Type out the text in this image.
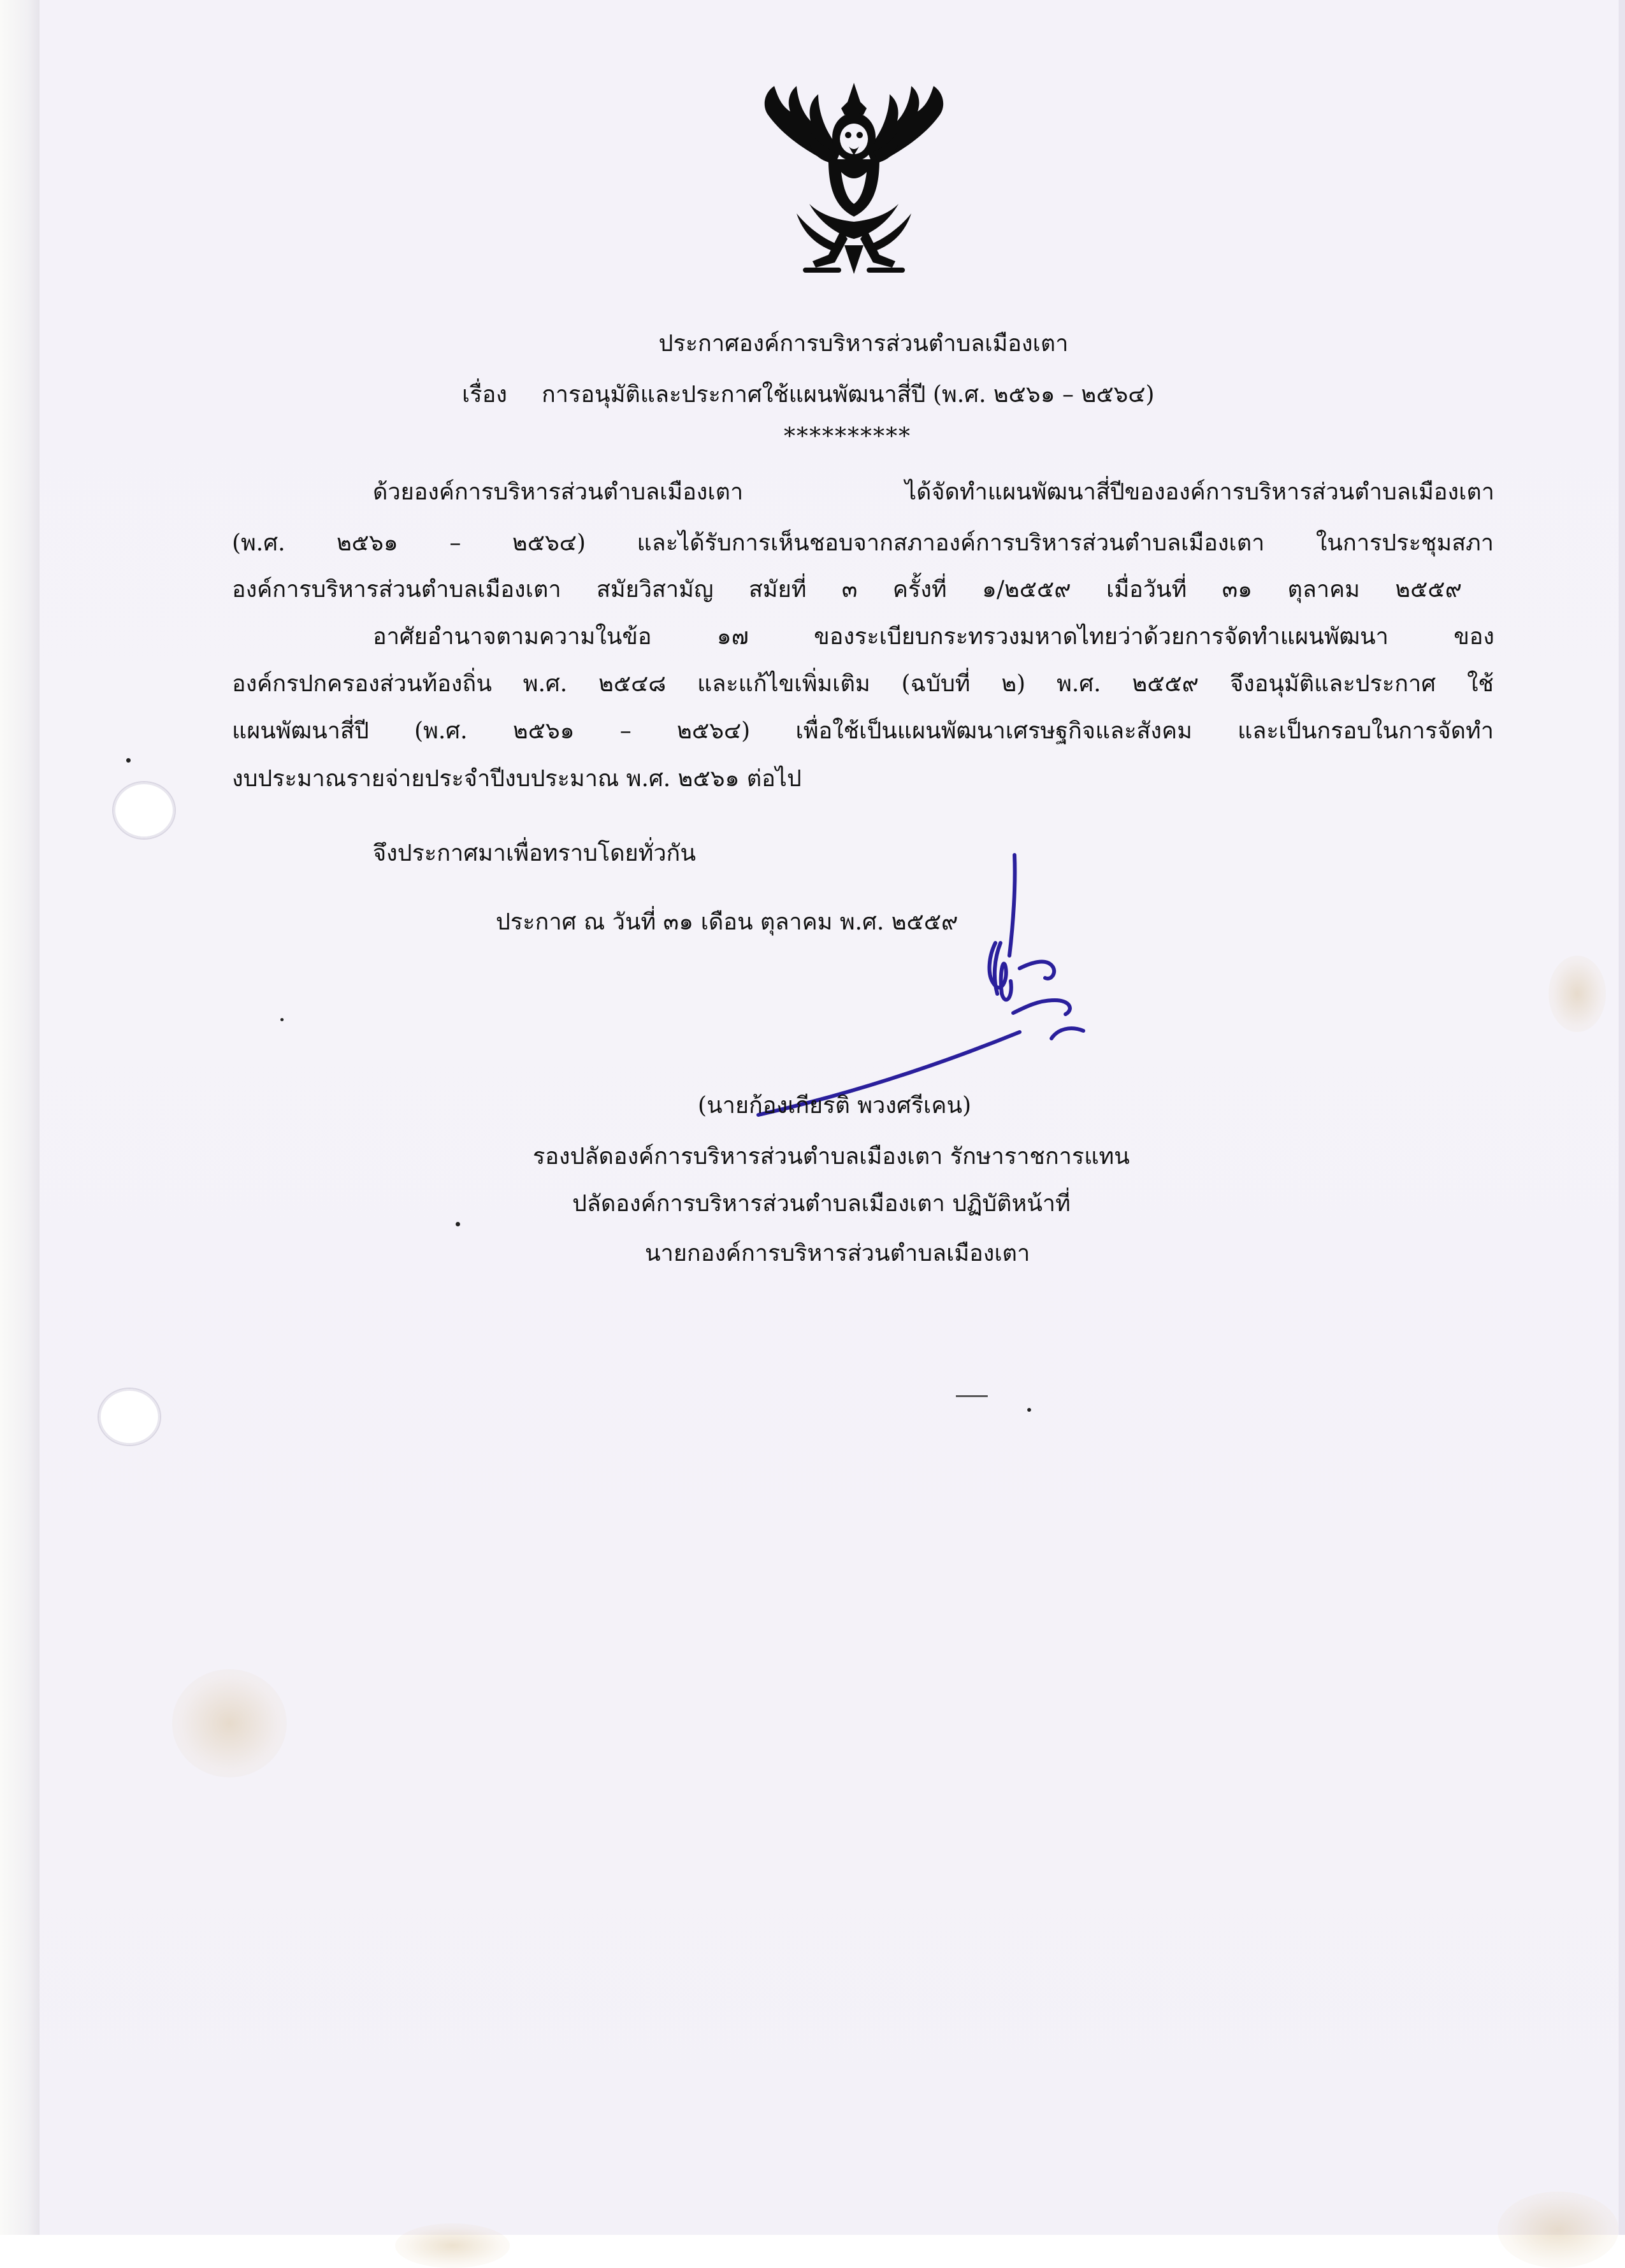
ประกาศองค์การบริหารส่วนตำบลเมืองเตา
เรื่อง การอนุมัติและประกาศใช้แผนพัฒนาสี่ปี (พ.ศ. ๒๕๖๑ – ๒๕๖๔)
**********
ด้วยองค์การบริหารส่วนตำบลเมืองเตา ได้จัดทำแผนพัฒนาสี่ปีขององค์การบริหารส่วนตำบลเมืองเตา
(พ.ศ. ๒๕๖๑ – ๒๕๖๔) และได้รับการเห็นชอบจากสภาองค์การบริหารส่วนตำบลเมืองเตา ในการประชุมสภา
องค์การบริหารส่วนตำบลเมืองเตา สมัยวิสามัญ สมัยที่ ๓ ครั้งที่ ๑/๒๕๕๙ เมื่อวันที่ ๓๑ ตุลาคม ๒๕๕๙
อาศัยอำนาจตามความในข้อ ๑๗ ของระเบียบกระทรวงมหาดไทยว่าด้วยการจัดทำแผนพัฒนา ของ
องค์กรปกครองส่วนท้องถิ่น พ.ศ. ๒๕๔๘ และแก้ไขเพิ่มเติม (ฉบับที่ ๒) พ.ศ. ๒๕๕๙ จึงอนุมัติและประกาศ ใช้
แผนพัฒนาสี่ปี (พ.ศ. ๒๕๖๑ – ๒๕๖๔) เพื่อใช้เป็นแผนพัฒนาเศรษฐกิจและสังคม และเป็นกรอบในการจัดทำ
งบประมาณรายจ่ายประจำปีงบประมาณ พ.ศ. ๒๕๖๑ ต่อไป
จึงประกาศมาเพื่อทราบโดยทั่วกัน
ประกาศ ณ วันที่ ๓๑ เดือน ตุลาคม พ.ศ. ๒๕๕๙
(นายก้องเกียรติ พวงศรีเคน)
รองปลัดองค์การบริหารส่วนตำบลเมืองเตา รักษาราชการแทน
ปลัดองค์การบริหารส่วนตำบลเมืองเตา ปฏิบัติหน้าที่
นายกองค์การบริหารส่วนตำบลเมืองเตา
